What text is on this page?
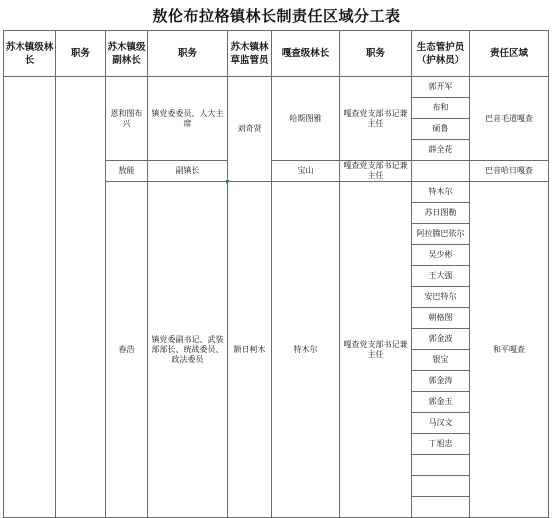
敖伦布拉格镇林长制责任区域分工表
苏木镇级林长	职务	苏木镇级副林长	职务	苏木镇林草监管员	嘎查级林长	职务	生态管护员（护林员）	责任区域
		恩和图布兴	镇党委委员、人大主席	刘奇贤	哈斯图雅	嘎查党支部书记兼主任	郭开军	巴音毛道嘎查
							布和	
							硕鲁	
							薛全花	
		敖能	副镇长		宝山	嘎查党支部书记兼主任		巴音哈日嘎查
		春浩	镇党委副书记、武装部部长、统战委员、政法委员	额日柯木	特木尔	嘎查党支部书记兼主任	特木尔	和平嘎查
							苏日图勒	
							阿拉腾巴依尔	
							吴少彬	
							王大强	
							安巴特尔	
							朝格图	
							郭金波	
							银宝	
							郭金涛	
							郭金玉	
							马汉文	
							丁旭忠	
